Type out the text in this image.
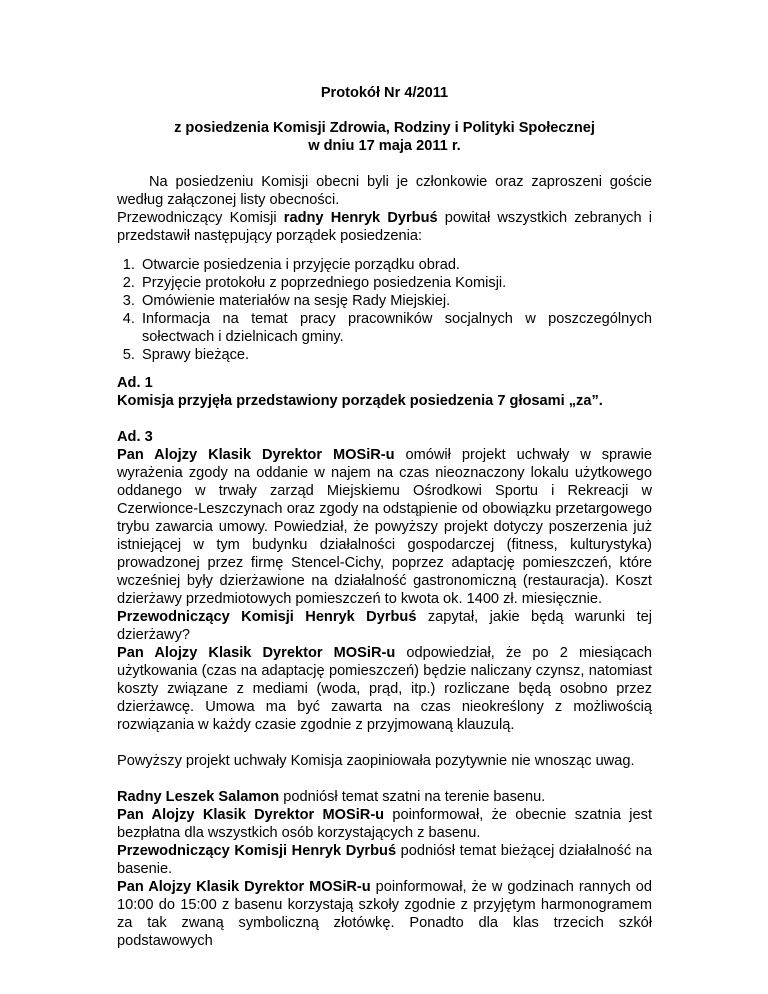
Protokół Nr 4/2011

z posiedzenia Komisji Zdrowia, Rodziny i Polityki Społecznej
w dniu 17 maja 2011 r.

Na posiedzeniu Komisji obecni byli je członkowie oraz zaproszeni goście według załączonej listy obecności.

Przewodniczący Komisji radny Henryk Dyrbuś powitał wszystkich zebranych i przedstawił następujący porządek posiedzenia:

1. Otwarcie posiedzenia i przyjęcie porządku obrad.
2. Przyjęcie protokołu z poprzedniego posiedzenia Komisji.
3. Omówienie materiałów na sesję Rady Miejskiej.
4. Informacja na temat pracy pracowników socjalnych w poszczególnych sołectwach i dzielnicach gminy.
5. Sprawy bieżące.

Ad. 1

Komisja przyjęła przedstawiony porządek posiedzenia 7 głosami „za”.

Ad. 3

Pan Alojzy Klasik Dyrektor MOSiR-u omówił projekt uchwały w sprawie wyrażenia zgody na oddanie w najem na czas nieoznaczony lokalu użytkowego oddanego w trwały zarząd Miejskiemu Ośrodkowi Sportu i Rekreacji w Czerwionce-Leszczynach oraz zgody na odstąpienie od obowiązku przetargowego trybu zawarcia umowy. Powiedział, że powyższy projekt dotyczy poszerzenia już istniejącej w tym budynku działalności gospodarczej (fitness, kulturystyka) prowadzonej przez firmę Stencel-Cichy, poprzez adaptację pomieszczeń, które wcześniej były dzierżawione na działalność gastronomiczną (restauracja). Koszt dzierżawy przedmiotowych pomieszczeń to kwota ok. 1400 zł. miesięcznie.

Przewodniczący Komisji Henryk Dyrbuś zapytał, jakie będą warunki tej dzierżawy?

Pan Alojzy Klasik Dyrektor MOSiR-u odpowiedział, że po 2 miesiącach użytkowania (czas na adaptację pomieszczeń) będzie naliczany czynsz, natomiast koszty związane z mediami (woda, prąd, itp.) rozliczane będą osobno przez dzierżawcę. Umowa ma być zawarta na czas nieokreślony z możliwością rozwiązania w każdy czasie zgodnie z przyjmowaną klauzulą.

Powyższy projekt uchwały Komisja zaopiniowała pozytywnie nie wnosząc uwag.

Radny Leszek Salamon podniósł temat szatni na terenie basenu.

Pan Alojzy Klasik Dyrektor MOSiR-u poinformował, że obecnie szatnia jest bezpłatna dla wszystkich osób korzystających z basenu.

Przewodniczący Komisji Henryk Dyrbuś podniósł temat bieżącej działalność na basenie.

Pan Alojzy Klasik Dyrektor MOSiR-u poinformował, że w godzinach rannych od 10:00 do 15:00 z basenu korzystają szkoły zgodnie z przyjętym harmonogramem za tak zwaną symboliczną złotówkę. Ponadto dla klas trzecich szkół podstawowych
